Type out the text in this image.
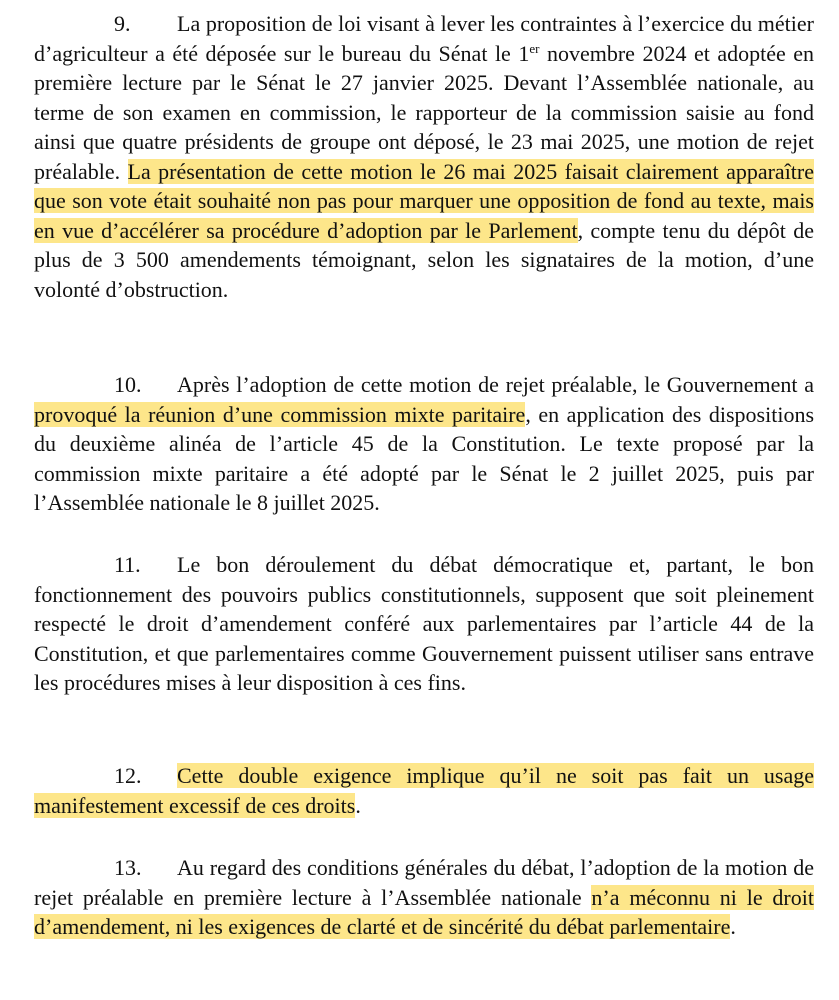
9. La proposition de loi visant à lever les contraintes à l’exercice du métier d’agriculteur a été déposée sur le bureau du Sénat le 1er novembre 2024 et adoptée en première lecture par le Sénat le 27 janvier 2025. Devant l’Assemblée nationale, au terme de son examen en commission, le rapporteur de la commission saisie au fond ainsi que quatre présidents de groupe ont déposé, le 23 mai 2025, une motion de rejet préalable. La présentation de cette motion le 26 mai 2025 faisait clairement apparaître que son vote était souhaité non pas pour marquer une opposition de fond au texte, mais en vue d’accélérer sa procédure d’adoption par le Parlement, compte tenu du dépôt de plus de 3 500 amendements témoignant, selon les signataires de la motion, d’une volonté d’obstruction.

10. Après l’adoption de cette motion de rejet préalable, le Gouvernement a provoqué la réunion d’une commission mixte paritaire, en application des dispositions du deuxième alinéa de l’article 45 de la Constitution. Le texte proposé par la commission mixte paritaire a été adopté par le Sénat le 2 juillet 2025, puis par l’Assemblée nationale le 8 juillet 2025.

11. Le bon déroulement du débat démocratique et, partant, le bon fonctionnement des pouvoirs publics constitutionnels, supposent que soit pleinement respecté le droit d’amendement conféré aux parlementaires par l’article 44 de la Constitution, et que parlementaires comme Gouvernement puissent utiliser sans entrave les procédures mises à leur disposition à ces fins.

12. Cette double exigence implique qu’il ne soit pas fait un usage manifestement excessif de ces droits.

13. Au regard des conditions générales du débat, l’adoption de la motion de rejet préalable en première lecture à l’Assemblée nationale n’a méconnu ni le droit d’amendement, ni les exigences de clarté et de sincérité du débat parlementaire.
